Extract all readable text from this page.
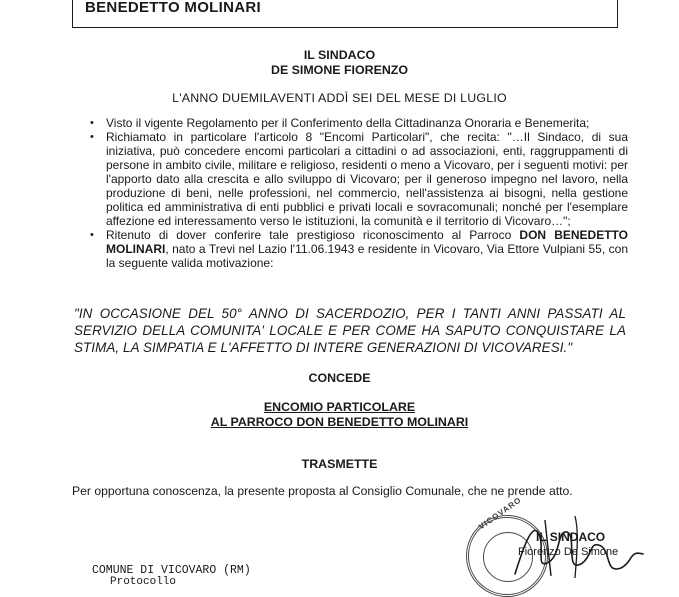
BENEDETTO MOLINARI
IL SINDACO
DE SIMONE FIORENZO
L'ANNO DUEMILAVENTI ADDÌ SEI DEL MESE DI LUGLIO
• Visto il vigente Regolamento per il Conferimento della Cittadinanza Onoraria e Benemerita;
• Richiamato in particolare l'articolo 8 "Encomi Particolari", che recita: "…Il Sindaco, di sua iniziativa, può concedere encomi particolari a cittadini o ad associazioni, enti, raggruppamenti di persone in ambito civile, militare e religioso, residenti o meno a Vicovaro, per i seguenti motivi: per l'apporto dato alla crescita e allo sviluppo di Vicovaro; per il generoso impegno nel lavoro, nella produzione di beni, nelle professioni, nel commercio, nell'assistenza ai bisogni, nella gestione politica ed amministrativa di enti pubblici e privati locali e sovracomunali; nonché per l'esemplare affezione ed interessamento verso le istituzioni, la comunità e il territorio di Vicovaro…";
• Ritenuto di dover conferire tale prestigioso riconoscimento al Parroco DON BENEDETTO MOLINARI, nato a Trevi nel Lazio l'11.06.1943 e residente in Vicovaro, Via Ettore Vulpiani 55, con la seguente valida motivazione:
"IN OCCASIONE DEL 50° ANNO DI SACERDOZIO, PER I TANTI ANNI PASSATI AL SERVIZIO DELLA COMUNITA' LOCALE E PER COME HA SAPUTO CONQUISTARE LA STIMA, LA SIMPATIA E L'AFFETTO DI INTERE GENERAZIONI DI VICOVARESI."
CONCEDE
ENCOMIO PARTICOLARE
AL PARROCO DON BENEDETTO MOLINARI
TRASMETTE
Per opportuna conoscenza, la presente proposta al Consiglio Comunale, che ne prende atto.
VICOVARO
IL SINDACO
Fiorenzo De Simone
COMUNE DI VICOVARO (RM)
Protocollo
